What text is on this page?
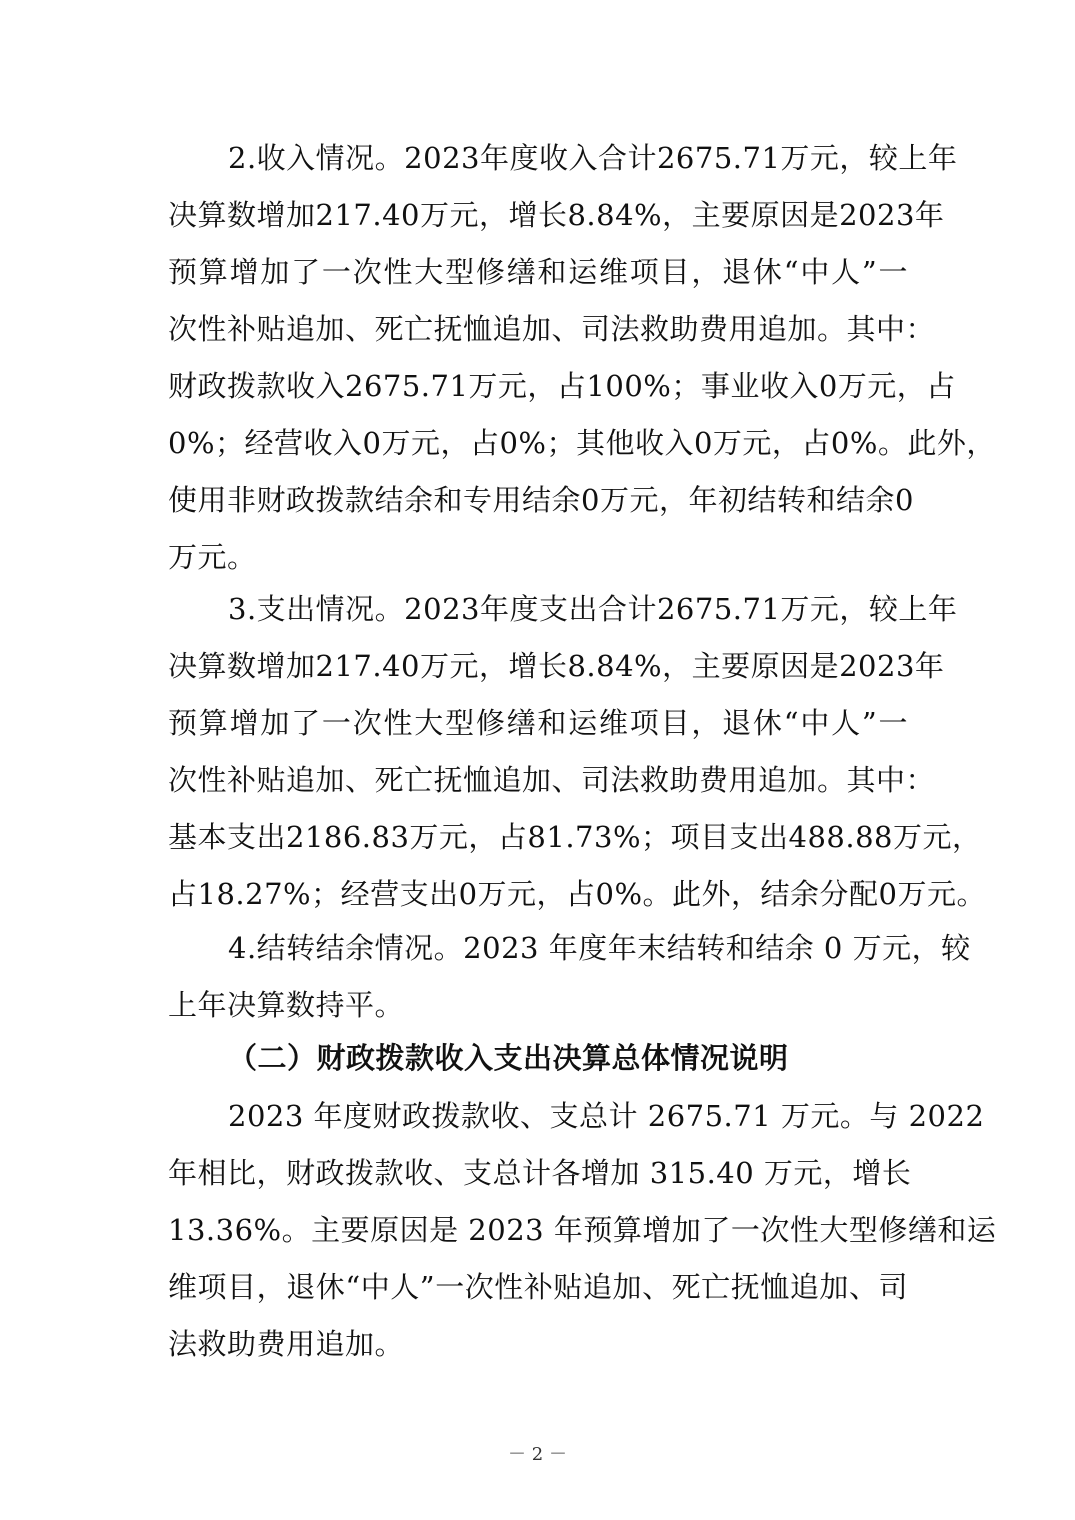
2.收入情况。2023年度收入合计2675.71万元，较上年
决算数增加217.40万元，增长8.84%，主要原因是2023年
预算增加了一次性大型修缮和运维项目，退休“中人”一
次性补贴追加、死亡抚恤追加、司法救助费用追加。其中：
财政拨款收入2675.71万元，占100%；事业收入0万元，占
0%；经营收入0万元，占0%；其他收入0万元，占0%。此外，
使用非财政拨款结余和专用结余0万元，年初结转和结余0
万元。
3.支出情况。2023年度支出合计2675.71万元，较上年
决算数增加217.40万元，增长8.84%，主要原因是2023年
预算增加了一次性大型修缮和运维项目，退休“中人”一
次性补贴追加、死亡抚恤追加、司法救助费用追加。其中：
基本支出2186.83万元，占81.73%；项目支出488.88万元，
占18.27%；经营支出0万元，占0%。此外，结余分配0万元。
4.结转结余情况。2023 年度年末结转和结余 0 万元，较
上年决算数持平。
（二）财政拨款收入支出决算总体情况说明
2023 年度财政拨款收、支总计 2675.71 万元。与 2022
年相比，财政拨款收、支总计各增加 315.40 万元，增长
13.36%。主要原因是 2023 年预算增加了一次性大型修缮和运
维项目，退休“中人”一次性补贴追加、死亡抚恤追加、司
法救助费用追加。
－ 2 －
